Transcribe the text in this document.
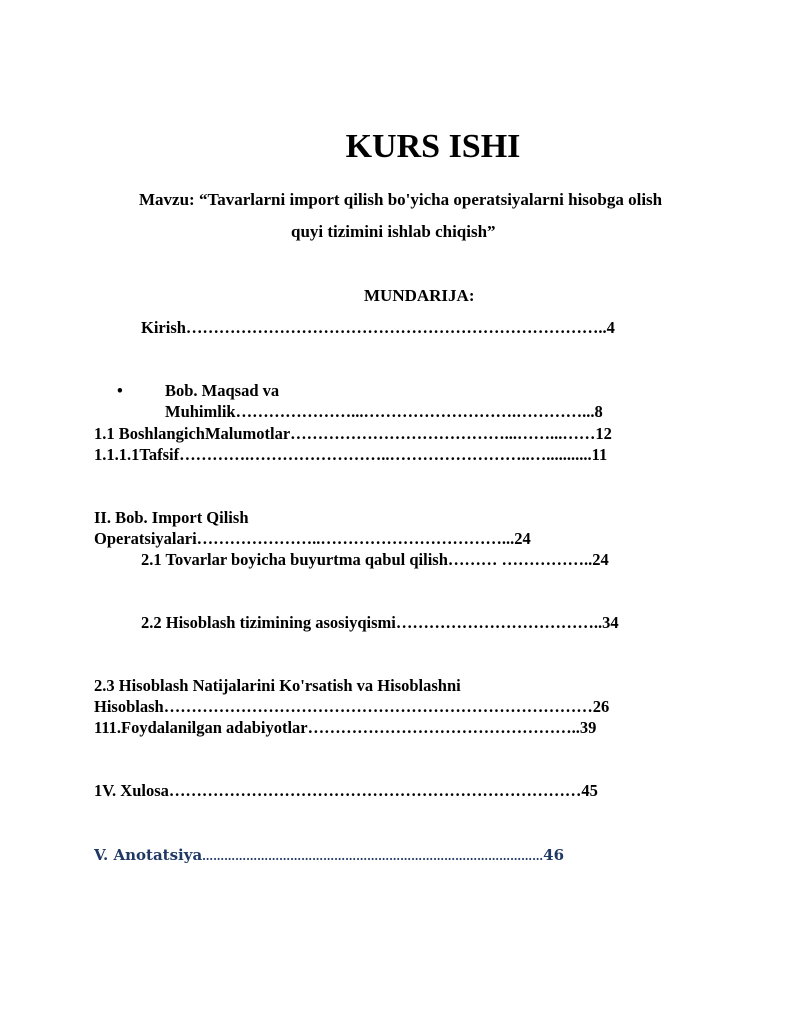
KURS ISHI
Mavzu: “Tavarlarni import qilish bo'yicha operatsiyalarni hisobga olish
quyi tizimini ishlab chiqish”
MUNDARIJA:
Kirish…………………………………………………………………..4
•	Bob. Maqsad va
Muhimlik…………………...……………………….…………...8
1.1 BoshlangichMalumotlar…………………………………...……...……12
1.1.1.1Tafsif………….……………………..……………………..…...........11
II. Bob. Import Qilish
Operatsiyalari…………………..……………………………...24
2.1 Tovarlar boyicha buyurtma qabul qilish……… ……………..24
2.2 Hisoblash tizimining asosiyqismi………………………………..34
2.3 Hisoblash Natijalarini Ko'rsatish va Hisoblashni
Hisoblash……………………………………………………………………26
111.Foydalanilgan adabiyotlar…………………………………………..39
1V. Xulosa…………………………………………………………………45
V. Anotatsiya…………………………………………………………………………………46
